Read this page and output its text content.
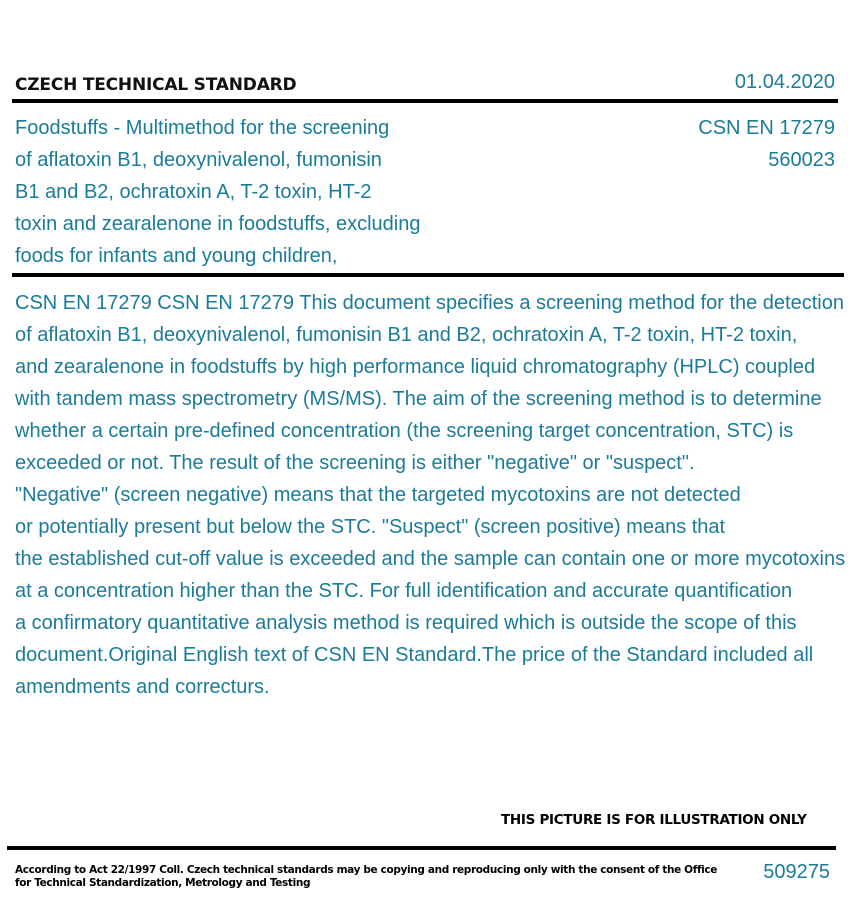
CZECH TECHNICAL STANDARD	01.04.2020
Foodstuffs - Multimethod for the screening
of aflatoxin B1, deoxynivalenol, fumonisin
B1 and B2, ochratoxin A, T-2 toxin, HT-2
toxin and zearalenone in foodstuffs, excluding
foods for infants and young children,
CSN EN 17279
560023
CSN EN 17279 CSN EN 17279 This document specifies a screening method for the detection
of aflatoxin B1, deoxynivalenol, fumonisin B1 and B2, ochratoxin A, T-2 toxin, HT-2 toxin,
and zearalenone in foodstuffs by high performance liquid chromatography (HPLC) coupled
with tandem mass spectrometry (MS/MS). The aim of the screening method is to determine
whether a certain pre-defined concentration (the screening target concentration, STC) is
exceeded or not. The result of the screening is either "negative" or "suspect".
"Negative" (screen negative) means that the targeted mycotoxins are not detected
or potentially present but below the STC. "Suspect" (screen positive) means that
the established cut-off value is exceeded and the sample can contain one or more mycotoxins
at a concentration higher than the STC. For full identification and accurate quantification
a confirmatory quantitative analysis method is required which is outside the scope of this
document.Original English text of CSN EN Standard.The price of the Standard included all
amendments and correcturs.
THIS PICTURE IS FOR ILLUSTRATION ONLY
According to Act 22/1997 Coll. Czech technical standards may be copying and reproducing only with the consent of the Office
for Technical Standardization, Metrology and Testing	509275
